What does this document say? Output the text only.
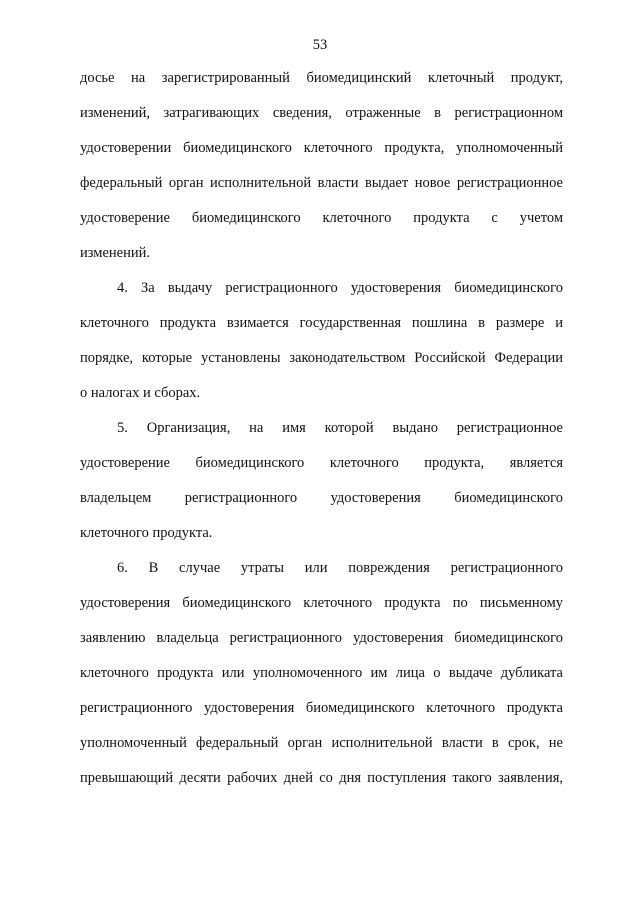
53
досье на зарегистрированный биомедицинский клеточный продукт,
изменений, затрагивающих сведения, отраженные в регистрационном
удостоверении биомедицинского клеточного продукта, уполномоченный
федеральный орган исполнительной власти выдает новое регистрационное
удостоверение биомедицинского клеточного продукта с учетом
изменений.
4. За выдачу регистрационного удостоверения биомедицинского
клеточного продукта взимается государственная пошлина в размере и
порядке, которые установлены законодательством Российской Федерации
о налогах и сборах.
5. Организация, на имя которой выдано регистрационное
удостоверение биомедицинского клеточного продукта, является
владельцем регистрационного удостоверения биомедицинского
клеточного продукта.
6. В случае утраты или повреждения регистрационного
удостоверения биомедицинского клеточного продукта по письменному
заявлению владельца регистрационного удостоверения биомедицинского
клеточного продукта или уполномоченного им лица о выдаче дубликата
регистрационного удостоверения биомедицинского клеточного продукта
уполномоченный федеральный орган исполнительной власти в срок, не
превышающий десяти рабочих дней со дня поступления такого заявления,
